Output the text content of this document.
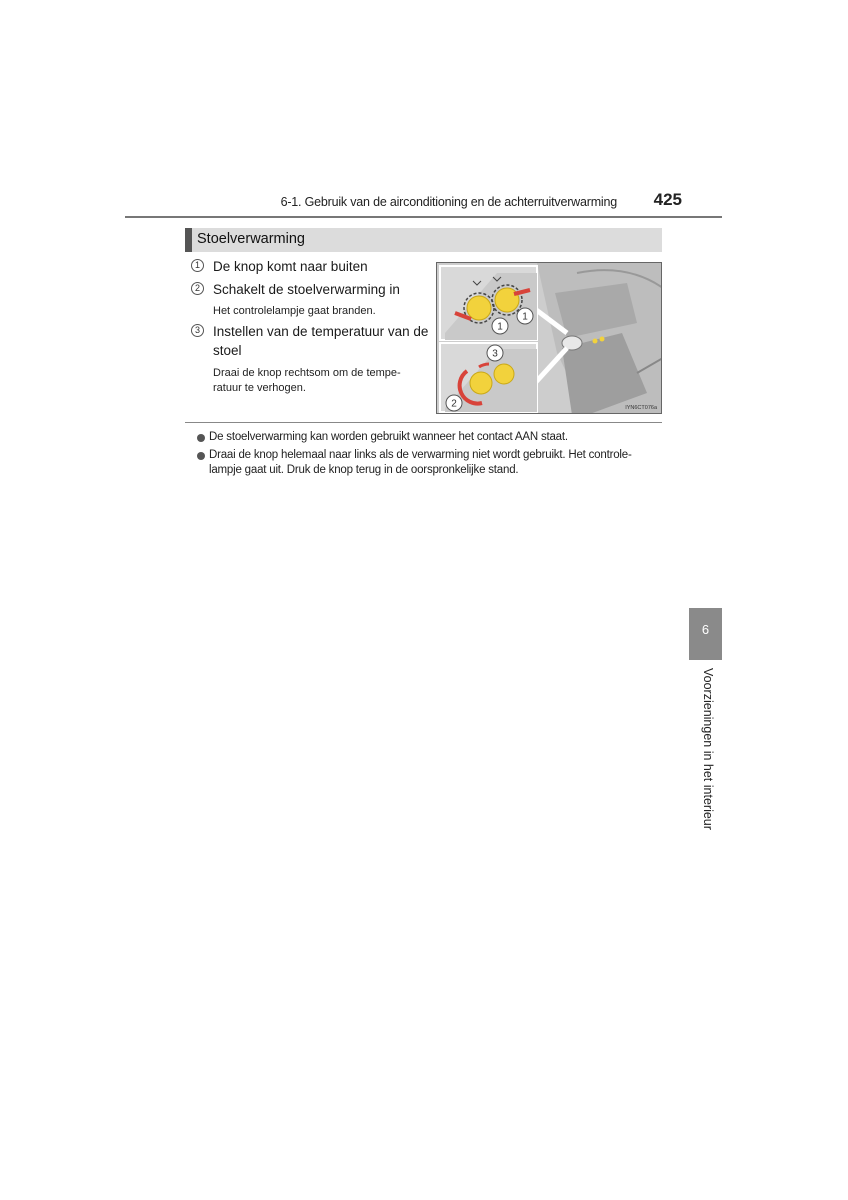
6-1. Gebruik van de airconditioning en de achterruitverwarming 425
Stoelverwarming
1 De knop komt naar buiten
2 Schakelt de stoelverwarming in
Het controlelampje gaat branden.
3 Instellen van de temperatuur van de
stoel
Draai de knop rechtsom om de tempe-
ratuur te verhogen.
1
1
3
2	IYN6CT076a
De stoelverwarming kan worden gebruikt wanneer het contact AAN staat.
Draai de knop helemaal naar links als de verwarming niet wordt gebruikt. Het controle-
lampje gaat uit. Druk de knop terug in de oorspronkelijke stand.
6
Voorzieningen in het interieur
